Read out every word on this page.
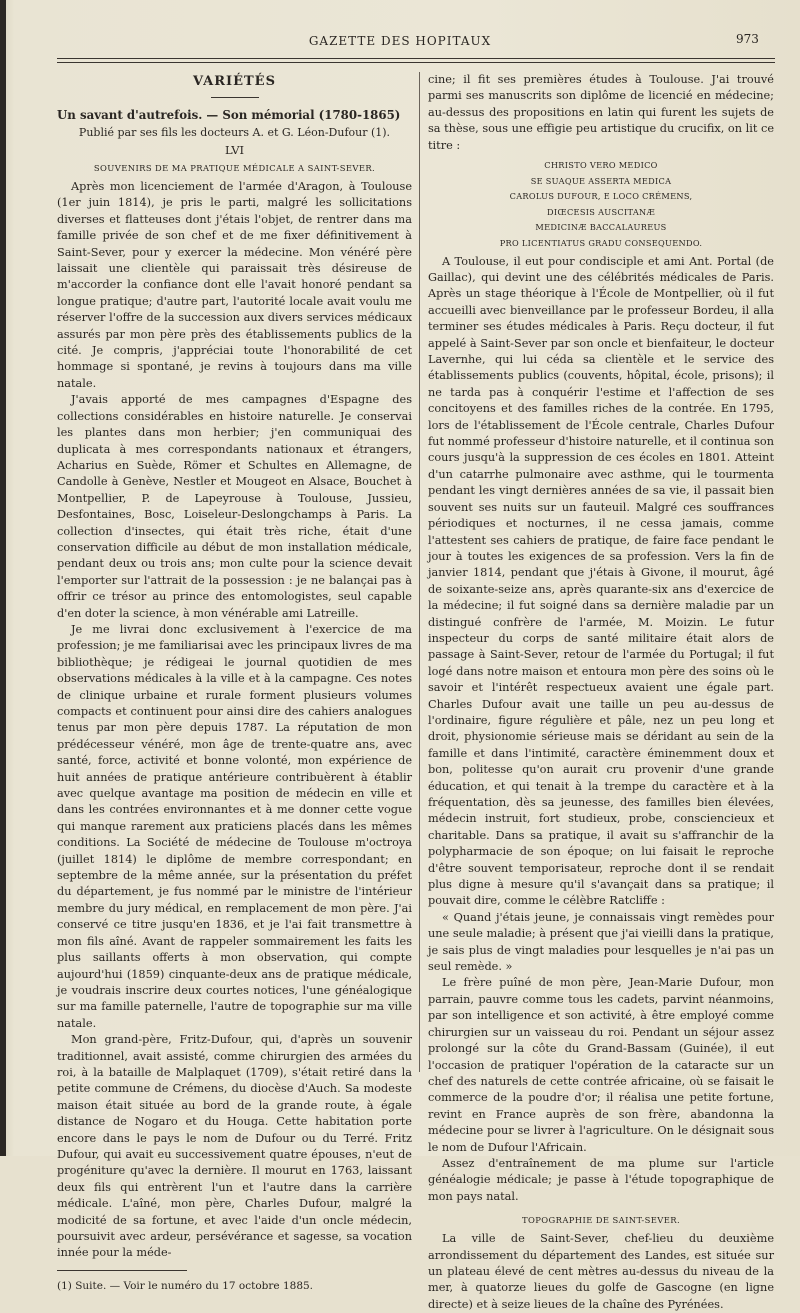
GAZETTE DES HOPITAUX	973
VARIÉTÉS
Un savant d'autrefois. — Son mémorial (1780-1865)
Publié par ses fils les docteurs A. et G. Léon-Dufour (1).
LVI
SOUVENIRS DE MA PRATIQUE MÉDICALE A SAINT-SEVER.

Après mon licenciement de l'armée d'Aragon, à Toulouse (1er juin 1814), je pris le parti, malgré les sollicitations diverses et flatteuses dont j'étais l'objet, de rentrer dans ma famille privée de son chef et de me fixer définitivement à Saint-Sever, pour y exercer la médecine. Mon vénéré père laissait une clientèle qui paraissait très désireuse de m'accorder la confiance dont elle l'avait honoré pendant sa longue pratique; d'autre part, l'autorité locale avait voulu me réserver l'offre de la succession aux divers services médicaux assurés par mon père près des établissements publics de la cité. Je compris, j'appréciai toute l'honorabilité de cet hommage si spontané, je revins à toujours dans ma ville natale.

J'avais apporté de mes campagnes d'Espagne des collections considérables en histoire naturelle. Je conservai les plantes dans mon herbier; j'en communiquai des duplicata à mes correspondants nationaux et étrangers, Acharius en Suède, Römer et Schultes en Allemagne, de Candolle à Genève, Nestler et Mougeot en Alsace, Bouchet à Montpellier, P. de Lapeyrouse à Toulouse, Jussieu, Desfontaines, Bosc, Loiseleur-Deslongchamps à Paris. La collection d'insectes, qui était très riche, était d'une conservation difficile au début de mon installation médicale, pendant deux ou trois ans; mon culte pour la science devait l'emporter sur l'attrait de la possession : je ne balançai pas à offrir ce trésor au prince des entomologistes, seul capable d'en doter la science, à mon vénérable ami Latreille.

Je me livrai donc exclusivement à l'exercice de ma profession; je me familiarisai avec les principaux livres de ma bibliothèque; je rédigeai le journal quotidien de mes observations médicales à la ville et à la campagne. Ces notes de clinique urbaine et rurale forment plusieurs volumes compacts et continuent pour ainsi dire des cahiers analogues tenus par mon père depuis 1787. La réputation de mon prédécesseur vénéré, mon âge de trente-quatre ans, avec santé, force, activité et bonne volonté, mon expérience de huit années de pratique antérieure contribuèrent à établir avec quelque avantage ma position de médecin en ville et dans les contrées environnantes et à me donner cette vogue qui manque rarement aux praticiens placés dans les mêmes conditions. La Société de médecine de Toulouse m'octroya (juillet 1814) le diplôme de membre correspondant; en septembre de la même année, sur la présentation du préfet du département, je fus nommé par le ministre de l'intérieur membre du jury médical, en remplacement de mon père. J'ai conservé ce titre jusqu'en 1836, et je l'ai fait transmettre à mon fils aîné. Avant de rappeler sommairement les faits les plus saillants offerts à mon observation, qui compte aujourd'hui (1859) cinquante-deux ans de pratique médicale, je voudrais inscrire deux courtes notices, l'une généalogique sur ma famille paternelle, l'autre de topographie sur ma ville natale.

Mon grand-père, Fritz-Dufour, qui, d'après un souvenir traditionnel, avait assisté, comme chirurgien des armées du roi, à la bataille de Malplaquet (1709), s'était retiré dans la petite commune de Crémens, du diocèse d'Auch. Sa modeste maison était située au bord de la grande route, à égale distance de Nogaro et du Houga. Cette habitation porte encore dans le pays le nom de Dufour ou du Terré. Fritz Dufour, qui avait eu successivement quatre épouses, n'eut de progéniture qu'avec la dernière. Il mourut en 1763, laissant deux fils qui entrèrent l'un et l'autre dans la carrière médicale. L'aîné, mon père, Charles Dufour, malgré la modicité de sa fortune, et avec l'aide d'un oncle médecin, poursuivit avec ardeur, persévérance et sagesse, sa vocation innée pour la méde-

(1) Suite. — Voir le numéro du 17 octobre 1885.

cine; il fit ses premières études à Toulouse. J'ai trouvé parmi ses manuscrits son diplôme de licencié en médecine; au-dessus des propositions en latin qui furent les sujets de sa thèse, sous une effigie peu artistique du crucifix, on lit ce titre :

CHRISTO VERO MEDICO
SE SUAQUE ASSERTA MEDICA
CAROLUS DUFOUR, E LOCO CRÉMENS,
DIŒCESIS AUSCITANÆ
MEDICINÆ BACCALAUREUS
PRO LICENTIATUS GRADU CONSEQUENDO.

A Toulouse, il eut pour condisciple et ami Ant. Portal (de Gaillac), qui devint une des célébrités médicales de Paris. Après un stage théorique à l'École de Montpellier, où il fut accueilli avec bienveillance par le professeur Bordeu, il alla terminer ses études médicales à Paris. Reçu docteur, il fut appelé à Saint-Sever par son oncle et bienfaiteur, le docteur Lavernhe, qui lui céda sa clientèle et le service des établissements publics (couvents, hôpital, école, prisons); il ne tarda pas à conquérir l'estime et l'affection de ses concitoyens et des familles riches de la contrée. En 1795, lors de l'établissement de l'École centrale, Charles Dufour fut nommé professeur d'histoire naturelle, et il continua son cours jusqu'à la suppression de ces écoles en 1801. Atteint d'un catarrhe pulmonaire avec asthme, qui le tourmenta pendant les vingt dernières années de sa vie, il passait bien souvent ses nuits sur un fauteuil. Malgré ces souffrances périodiques et nocturnes, il ne cessa jamais, comme l'attestent ses cahiers de pratique, de faire face pendant le jour à toutes les exigences de sa profession. Vers la fin de janvier 1814, pendant que j'étais à Givone, il mourut, âgé de soixante-seize ans, après quarante-six ans d'exercice de la médecine; il fut soigné dans sa dernière maladie par un distingué confrère de l'armée, M. Moizin. Le futur inspecteur du corps de santé militaire était alors de passage à Saint-Sever, retour de l'armée du Portugal; il fut logé dans notre maison et entoura mon père des soins où le savoir et l'intérêt respectueux avaient une égale part. Charles Dufour avait une taille un peu au-dessus de l'ordinaire, figure régulière et pâle, nez un peu long et droit, physionomie sérieuse mais se déridant au sein de la famille et dans l'intimité, caractère éminemment doux et bon, politesse qu'on aurait cru provenir d'une grande éducation, et qui tenait à la trempe du caractère et à la fréquentation, dès sa jeunesse, des familles bien élevées, médecin instruit, fort studieux, probe, consciencieux et charitable. Dans sa pratique, il avait su s'affranchir de la polypharmacie de son époque; on lui faisait le reproche d'être souvent temporisateur, reproche dont il se rendait plus digne à mesure qu'il s'avançait dans sa pratique; il pouvait dire, comme le célèbre Ratcliffe :

« Quand j'étais jeune, je connaissais vingt remèdes pour une seule maladie; à présent que j'ai vieilli dans la pratique, je sais plus de vingt maladies pour lesquelles je n'ai pas un seul remède. »

Le frère puîné de mon père, Jean-Marie Dufour, mon parrain, pauvre comme tous les cadets, parvint néanmoins, par son intelligence et son activité, à être employé comme chirurgien sur un vaisseau du roi. Pendant un séjour assez prolongé sur la côte du Grand-Bassam (Guinée), il eut l'occasion de pratiquer l'opération de la cataracte sur un chef des naturels de cette contrée africaine, où se faisait le commerce de la poudre d'or; il réalisa une petite fortune, revint en France auprès de son frère, abandonna la médecine pour se livrer à l'agriculture. On le désignait sous le nom de Dufour l'Africain.

Assez d'entraînement de ma plume sur l'article généalogie médicale; je passe à l'étude topographique de mon pays natal.

TOPOGRAPHIE DE SAINT-SEVER.

La ville de Saint-Sever, chef-lieu du deuxième arrondissement du département des Landes, est située sur un plateau élevé de cent mètres au-dessus du niveau de la mer, à quatorze lieues du golfe de Gascogne (en ligne directe) et à seize lieues de la chaîne des Pyrénées.
